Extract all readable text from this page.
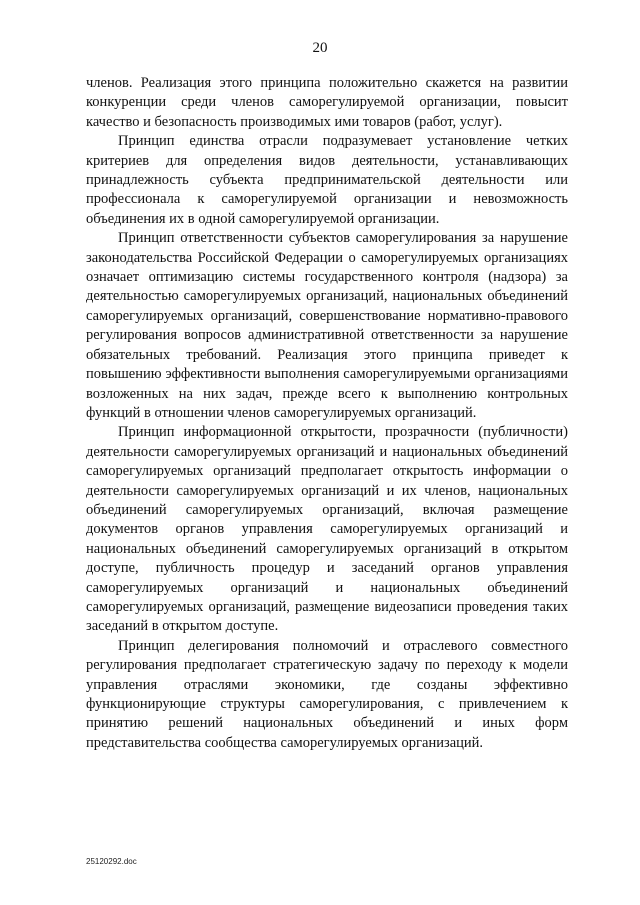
20

членов. Реализация этого принципа положительно скажется на развитии конкуренции среди членов саморегулируемой организации, повысит качество и безопасность производимых ими товаров (работ, услуг).

Принцип единства отрасли подразумевает установление четких критериев для определения видов деятельности, устанавливающих принадлежность субъекта предпринимательской деятельности или профессионала к саморегулируемой организации и невозможность объединения их в одной саморегулируемой организации.

Принцип ответственности субъектов саморегулирования за нарушение законодательства Российской Федерации о саморегулируемых организациях означает оптимизацию системы государственного контроля (надзора) за деятельностью саморегулируемых организаций, национальных объединений саморегулируемых организаций, совершенствование нормативно-правового регулирования вопросов административной ответственности за нарушение обязательных требований. Реализация этого принципа приведет к повышению эффективности выполнения саморегулируемыми организациями возложенных на них задач, прежде всего к выполнению контрольных функций в отношении членов саморегулируемых организаций.

Принцип информационной открытости, прозрачности (публичности) деятельности саморегулируемых организаций и национальных объединений саморегулируемых организаций предполагает открытость информации о деятельности саморегулируемых организаций и их членов, национальных объединений саморегулируемых организаций, включая размещение документов органов управления саморегулируемых организаций и национальных объединений саморегулируемых организаций в открытом доступе, публичность процедур и заседаний органов управления саморегулируемых организаций и национальных объединений саморегулируемых организаций, размещение видеозаписи проведения таких заседаний в открытом доступе.

Принцип делегирования полномочий и отраслевого совместного регулирования предполагает стратегическую задачу по переходу к модели управления отраслями экономики, где созданы эффективно функционирующие структуры саморегулирования, с привлечением к принятию решений национальных объединений и иных форм представительства сообщества саморегулируемых организаций.

25120292.doc
